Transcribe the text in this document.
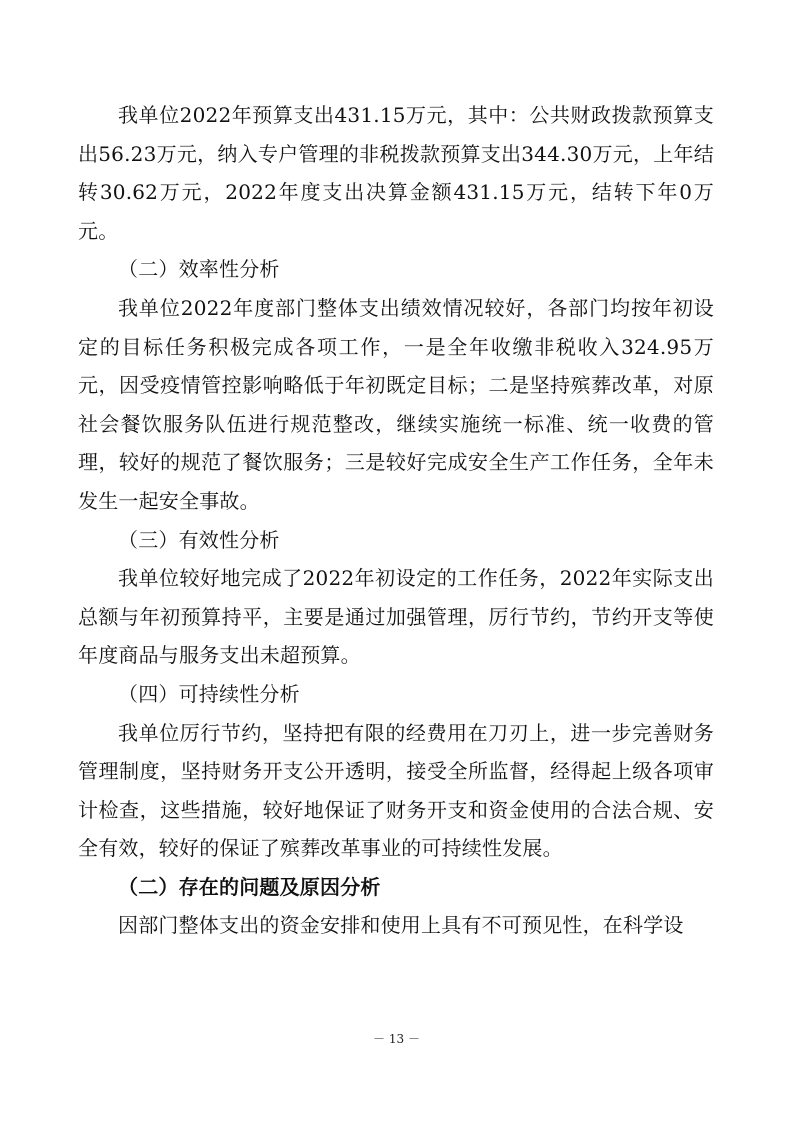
我单位2022年预算支出431.15万元，其中：公共财政拨款预算支出56.23万元，纳入专户管理的非税拨款预算支出344.30万元，上年结转30.62万元，2022年度支出决算金额431.15万元，结转下年0万元。

（二）效率性分析

我单位2022年度部门整体支出绩效情况较好，各部门均按年初设定的目标任务积极完成各项工作，一是全年收缴非税收入324.95万元，因受疫情管控影响略低于年初既定目标；二是坚持殡葬改革，对原社会餐饮服务队伍进行规范整改，继续实施统一标准、统一收费的管理，较好的规范了餐饮服务；三是较好完成安全生产工作任务，全年未发生一起安全事故。

（三）有效性分析

我单位较好地完成了2022年初设定的工作任务，2022年实际支出总额与年初预算持平，主要是通过加强管理，厉行节约，节约开支等使年度商品与服务支出未超预算。

（四）可持续性分析

我单位厉行节约，坚持把有限的经费用在刀刃上，进一步完善财务管理制度，坚持财务开支公开透明，接受全所监督，经得起上级各项审计检查，这些措施，较好地保证了财务开支和资金使用的合法合规、安全有效，较好的保证了殡葬改革事业的可持续性发展。

（二）存在的问题及原因分析

因部门整体支出的资金安排和使用上具有不可预见性，在科学设

－ 13 －
